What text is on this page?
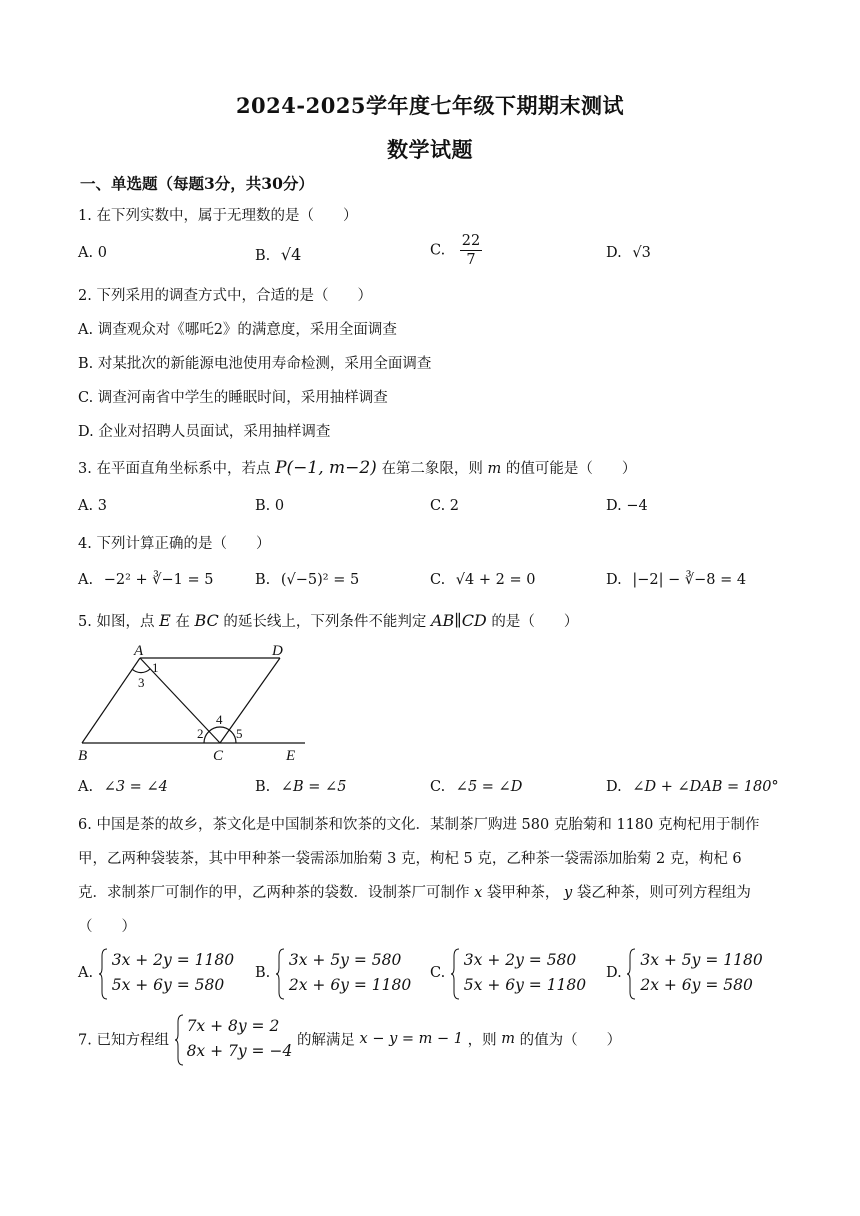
2024-2025学年度七年级下期期末测试
数学试题
一、单选题（每题3分，共30分）
1. 在下列实数中，属于无理数的是（　　）
A. 0	B. √4	C. $\frac{22}{7}$	D. √3
2. 下列采用的调查方式中，合适的是（　　）
A. 调查观众对《哪吒2》的满意度，采用全面调查
B. 对某批次的新能源电池使用寿命检测，采用全面调查
C. 调查河南省中学生的睡眠时间，采用抽样调查
D. 企业对招聘人员面试，采用抽样调查
3. 在平面直角坐标系中，若点 P(−1, m−2) 在第二象限，则 m 的值可能是（　　）
A. 3	B. 0	C. 2	D. −4
4. 下列计算正确的是（　　）
A. −2² + ∛−1 = 5	B. (√−5)² = 5	C. √4 + 2 = 0	D. |−2| − ∛−8 = 4
5. 如图，点 E 在 BC 的延长线上，下列条件不能判定 AB∥CD 的是（　　）
A	D
B	C	E
1
3
2
4
5
A. ∠3 = ∠4	B. ∠B = ∠5	C. ∠5 = ∠D	D. ∠D + ∠DAB = 180°
6. 中国是茶的故乡，茶文化是中国制茶和饮茶的文化．某制茶厂购进 580 克胎菊和 1180 克枸杞用于制作
甲，乙两种袋装茶，其中甲种茶一袋需添加胎菊 3 克，枸杞 5 克，乙种茶一袋需添加胎菊 2 克，枸杞 6
克．求制茶厂可制作的甲，乙两种茶的袋数．设制茶厂可制作 x 袋甲种茶， y 袋乙种茶，则可列方程组为
（　　）
A.
3x + 2y = 1180
5x + 6y = 580
B.
3x + 5y = 580
2x + 6y = 1180
C.
3x + 2y = 580
5x + 6y = 1180
D.
3x + 5y = 1180
2x + 6y = 580
7. 已知方程组
7x + 8y = 2
8x + 7y = −4
的解满足 x − y = m − 1 ，则 m 的值为（　　）
